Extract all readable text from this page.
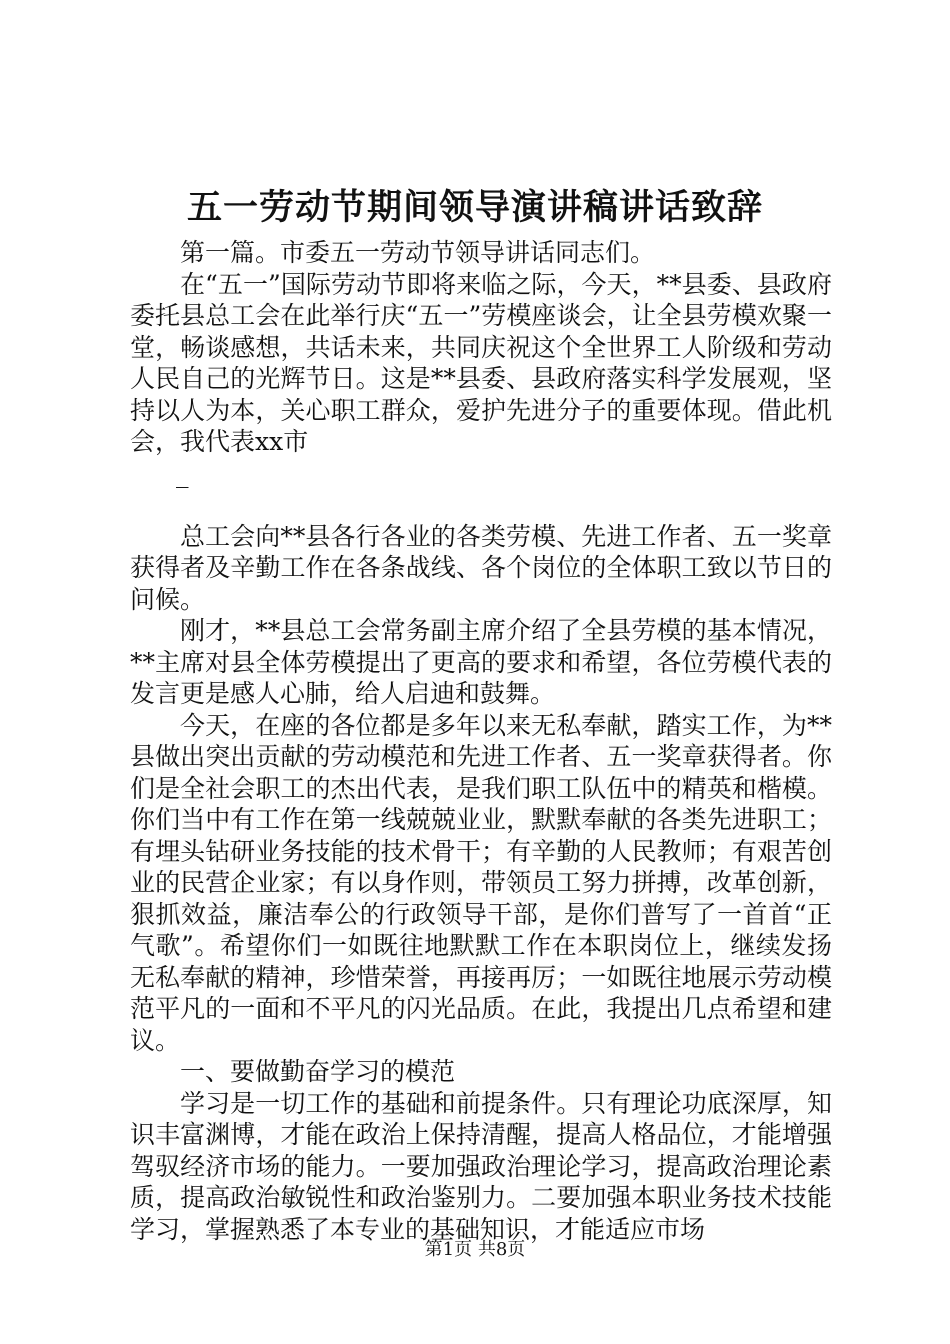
五一劳动节期间领导演讲稿讲话致辞

第一篇。市委五一劳动节领导讲话同志们。

在“五一”国际劳动节即将来临之际，今天，**县委、县政府委托县总工会在此举行庆“五一”劳模座谈会，让全县劳模欢聚一堂，畅谈感想，共话未来，共同庆祝这个全世界工人阶级和劳动人民自己的光辉节日。这是**县委、县政府落实科学发展观，坚持以人为本，关心职工群众，爱护先进分子的重要体现。借此机会，我代表xx市

_

总工会向**县各行各业的各类劳模、先进工作者、五一奖章获得者及辛勤工作在各条战线、各个岗位的全体职工致以节日的问候。

刚才，**县总工会常务副主席介绍了全县劳模的基本情况，**主席对县全体劳模提出了更高的要求和希望，各位劳模代表的发言更是感人心肺，给人启迪和鼓舞。

今天，在座的各位都是多年以来无私奉献，踏实工作，为**县做出突出贡献的劳动模范和先进工作者、五一奖章获得者。你们是全社会职工的杰出代表，是我们职工队伍中的精英和楷模。你们当中有工作在第一线兢兢业业，默默奉献的各类先进职工；有埋头钻研业务技能的技术骨干；有辛勤的人民教师；有艰苦创业的民营企业家；有以身作则，带领员工努力拼搏，改革创新，狠抓效益，廉洁奉公的行政领导干部，是你们普写了一首首“正气歌”。希望你们一如既往地默默工作在本职岗位上，继续发扬无私奉献的精神，珍惜荣誉，再接再厉；一如既往地展示劳动模范平凡的一面和不平凡的闪光品质。在此，我提出几点希望和建议。

一、要做勤奋学习的模范

学习是一切工作的基础和前提条件。只有理论功底深厚，知识丰富渊博，才能在政治上保持清醒，提高人格品位，才能增强驾驭经济市场的能力。一要加强政治理论学习，提高政治理论素质，提高政治敏锐性和政治鉴别力。二要加强本职业务技术技能学习，掌握熟悉了本专业的基础知识，才能适应市场

第1页 共8页
